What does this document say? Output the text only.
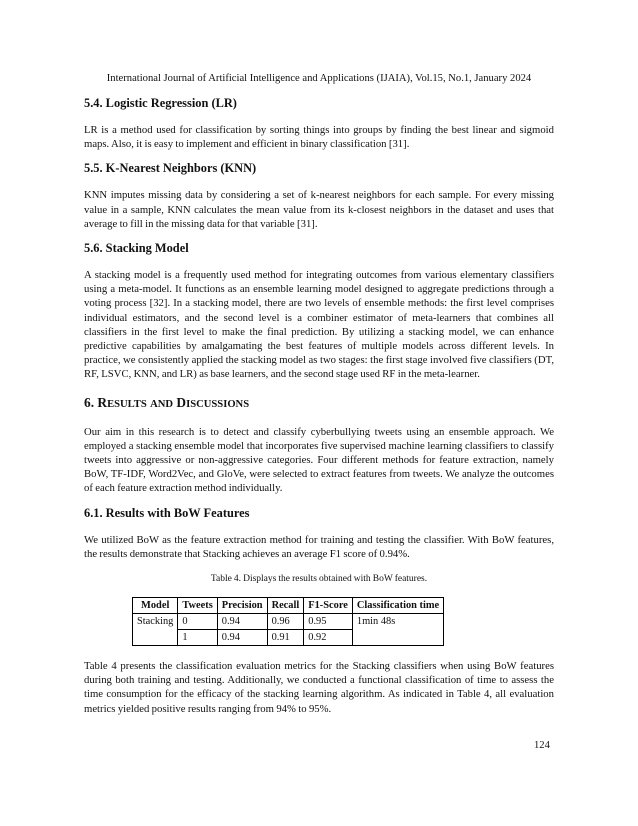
International Journal of Artificial Intelligence and Applications (IJAIA), Vol.15, No.1, January 2024
5.4. Logistic Regression (LR)

LR is a method used for classification by sorting things into groups by finding the best linear and sigmoid maps. Also, it is easy to implement and efficient in binary classification [31].

5.5. K-Nearest Neighbors (KNN)

KNN imputes missing data by considering a set of k-nearest neighbors for each sample. For every missing value in a sample, KNN calculates the mean value from its k-closest neighbors in the dataset and uses that average to fill in the missing data for that variable [31].

5.6. Stacking Model

A stacking model is a frequently used method for integrating outcomes from various elementary classifiers using a meta-model. It functions as an ensemble learning model designed to aggregate predictions through a voting process [32]. In a stacking model, there are two levels of ensemble methods: the first level comprises individual estimators, and the second level is a combiner estimator of meta-learners that combines all classifiers in the first level to make the final prediction. By utilizing a stacking model, we can enhance predictive capabilities by amalgamating the best features of multiple models across different levels. In practice, we consistently applied the stacking model as two stages: the first stage involved five classifiers (DT, RF, LSVC, KNN, and LR) as base learners, and the second stage used RF in the meta-learner.

6. RESULTS AND DISCUSSIONS

Our aim in this research is to detect and classify cyberbullying tweets using an ensemble approach. We employed a stacking ensemble model that incorporates five supervised machine learning classifiers to classify tweets into aggressive or non-aggressive categories. Four different methods for feature extraction, namely BoW, TF-IDF, Word2Vec, and GloVe, were selected to extract features from tweets. We analyze the outcomes of each feature extraction method individually.

6.1. Results with BoW Features

We utilized BoW as the feature extraction method for training and testing the classifier. With BoW features, the results demonstrate that Stacking achieves an average F1 score of 0.94%.

Table 4. Displays the results obtained with BoW features.

Model	Tweets	Precision	Recall	F1-Score	Classification time
Stacking	0	0.94	0.96	0.95	1min 48s
	1	0.94	0.91	0.92	

Table 4 presents the classification evaluation metrics for the Stacking classifiers when using BoW features during both training and testing. Additionally, we conducted a functional classification of time to assess the time consumption for the efficacy of the stacking learning algorithm. As indicated in Table 4, all evaluation metrics yielded positive results ranging from 94% to 95%.

124
